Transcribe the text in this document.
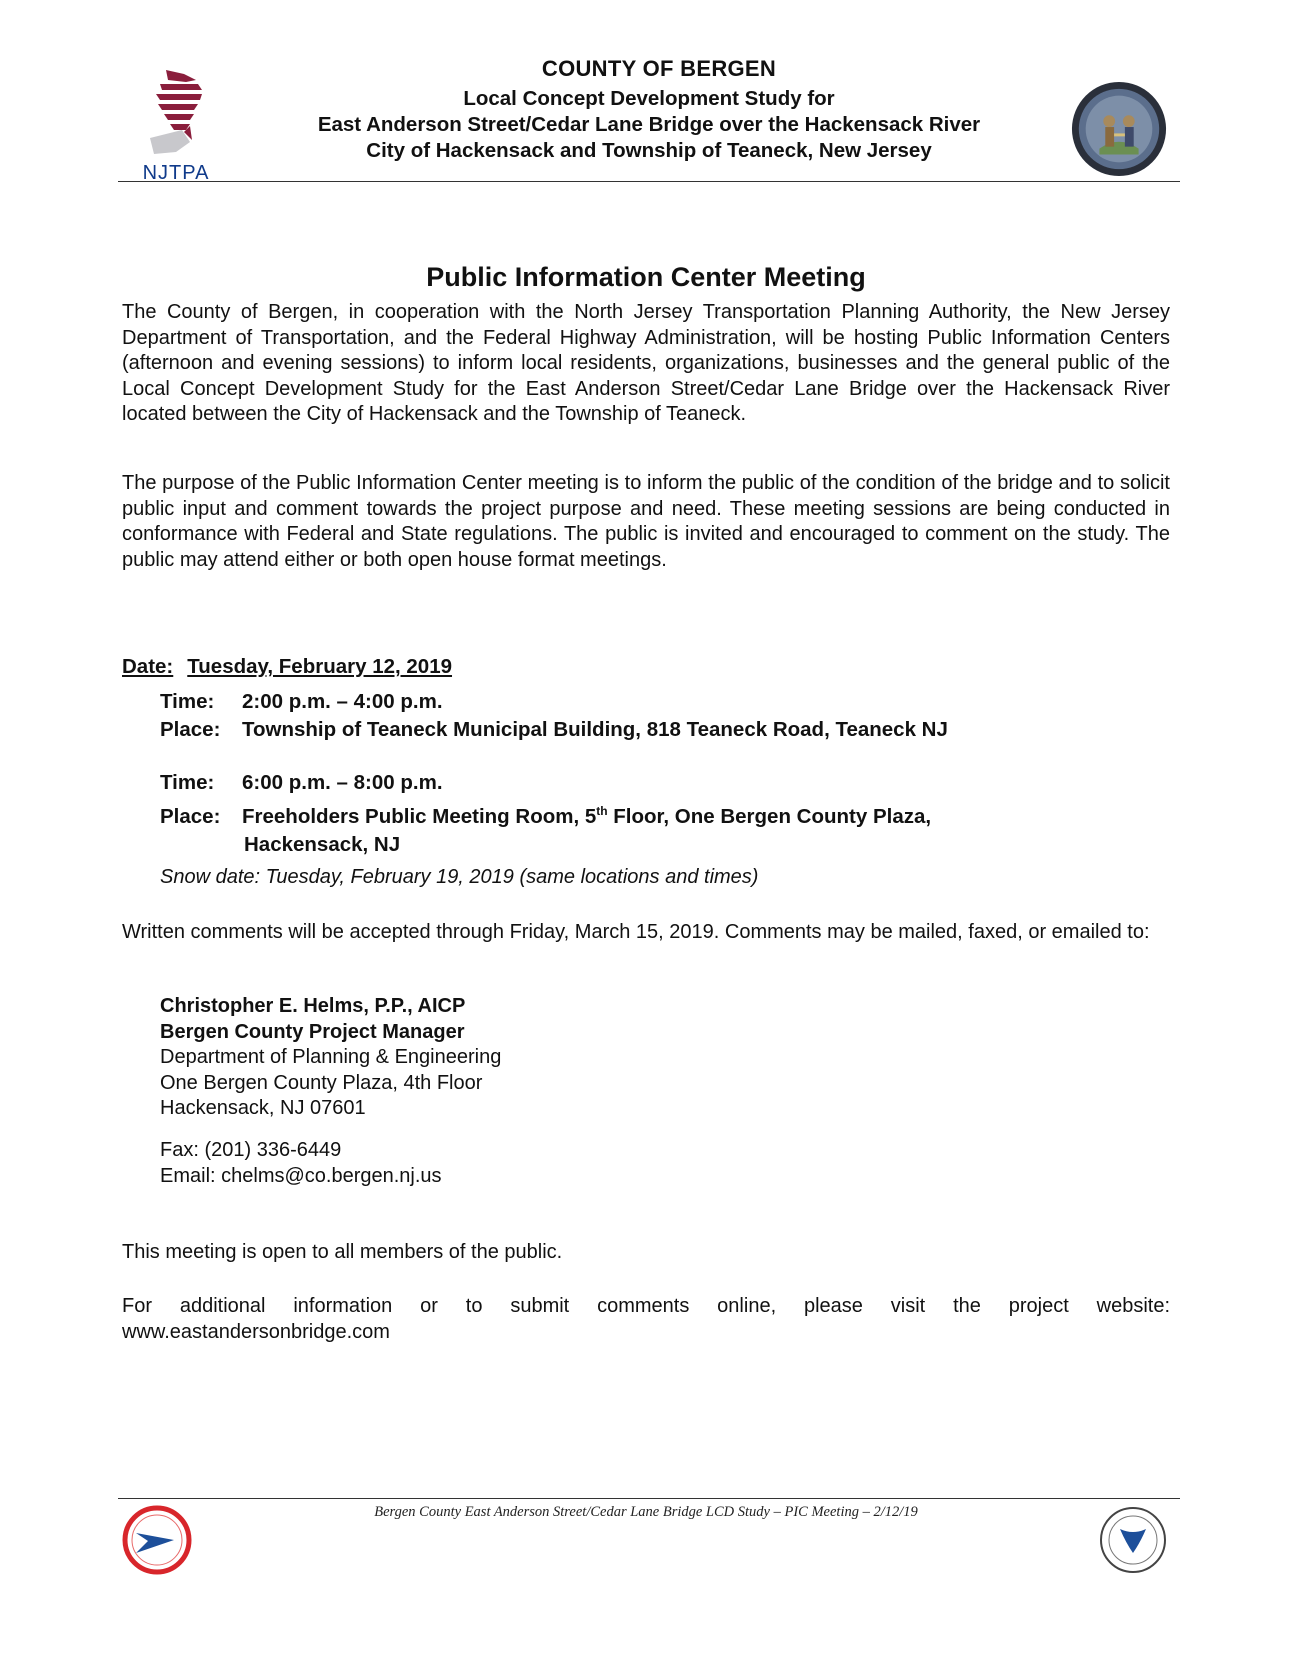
NJTPA
COUNTY OF BERGEN
Local Concept Development Study for
East Anderson Street/Cedar Lane Bridge over the Hackensack River
City of Hackensack and Township of Teaneck, New Jersey
Public Information Center Meeting

The County of Bergen, in cooperation with the North Jersey Transportation Planning Authority, the New Jersey Department of Transportation, and the Federal Highway Administration, will be hosting Public Information Centers (afternoon and evening sessions) to inform local residents, organizations, businesses and the general public of the Local Concept Development Study for the East Anderson Street/Cedar Lane Bridge over the Hackensack River located between the City of Hackensack and the Township of Teaneck.

The purpose of the Public Information Center meeting is to inform the public of the condition of the bridge and to solicit public input and comment towards the project purpose and need. These meeting sessions are being conducted in conformance with Federal and State regulations. The public is invited and encouraged to comment on the study. The public may attend either or both open house format meetings.

Date: Tuesday, February 12, 2019
Time: 2:00 p.m. – 4:00 p.m.
Place: Township of Teaneck Municipal Building, 818 Teaneck Road, Teaneck NJ
Time: 6:00 p.m. – 8:00 p.m.
Place: Freeholders Public Meeting Room, 5th Floor, One Bergen County Plaza,
Hackensack, NJ
Snow date: Tuesday, February 19, 2019 (same locations and times)

Written comments will be accepted through Friday, March 15, 2019. Comments may be mailed, faxed, or emailed to:

Christopher E. Helms, P.P., AICP
Bergen County Project Manager
Department of Planning & Engineering
One Bergen County Plaza, 4th Floor
Hackensack, NJ 07601
Fax: (201) 336-6449
Email: chelms@co.bergen.nj.us
This meeting is open to all members of the public.

For additional information or to submit comments online, please visit the project website: www.eastandersonbridge.com

Bergen County East Anderson Street/Cedar Lane Bridge LCD Study – PIC Meeting – 2/12/19
